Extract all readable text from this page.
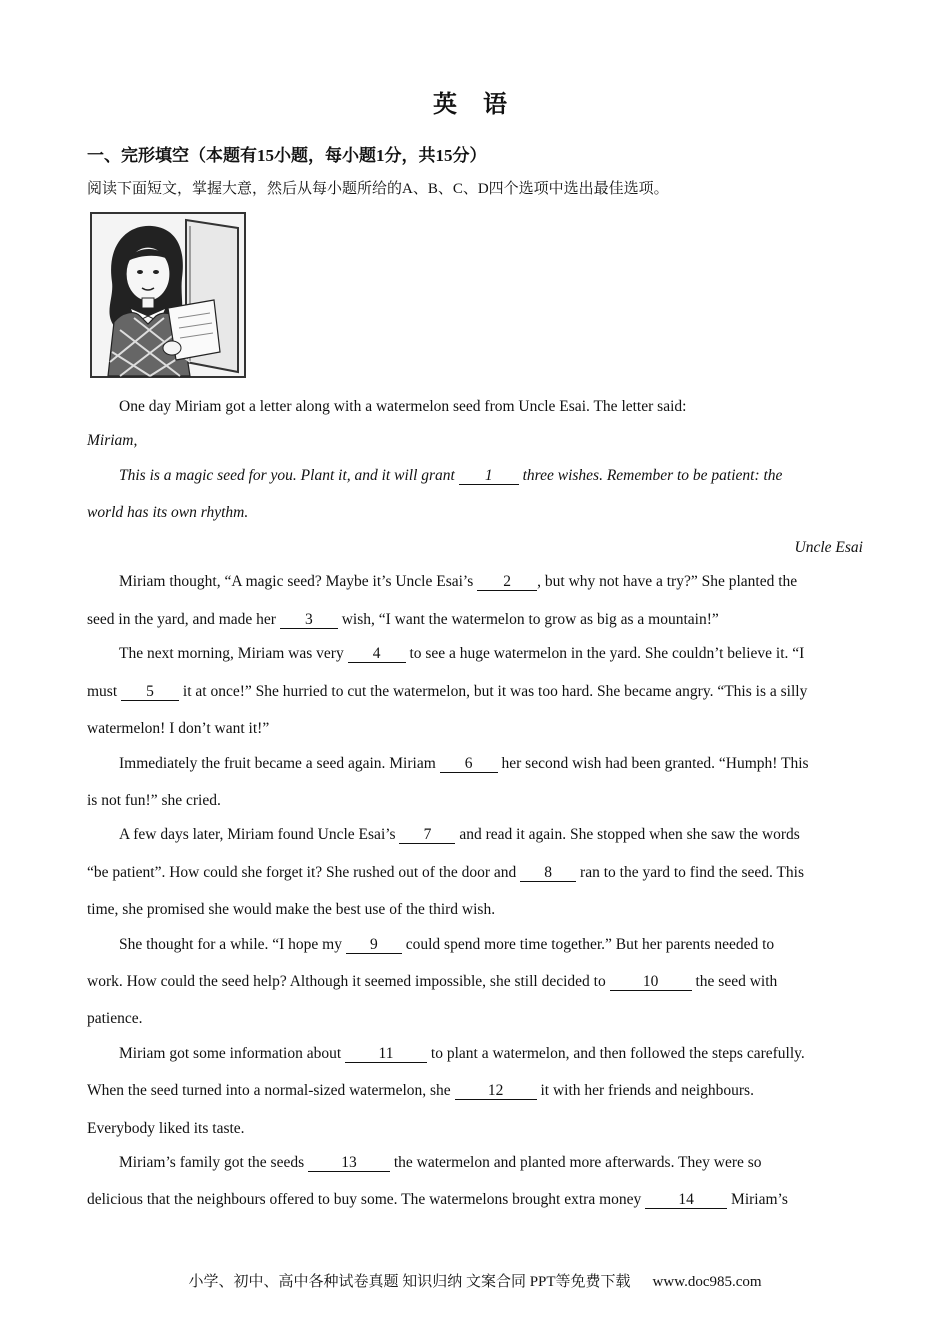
英 语
一、完形填空（本题有15小题，每小题1分，共15分）
阅读下面短文，掌握大意，然后从每小题所给的A、B、C、D四个选项中选出最佳选项。
One day Miriam got a letter along with a watermelon seed from Uncle Esai. The letter said:
Miriam,
This is a magic seed for you. Plant it, and it will grant 1 three wishes. Remember to be patient: the
world has its own rhythm.
Uncle Esai
Miriam thought, “A magic seed? Maybe it’s Uncle Esai’s 2 , but why not have a try?” She planted the
seed in the yard, and made her 3 wish, “I want the watermelon to grow as big as a mountain!”
The next morning, Miriam was very 4 to see a huge watermelon in the yard. She couldn’t believe it. “I
must 5 it at once!” She hurried to cut the watermelon, but it was too hard. She became angry. “This is a silly
watermelon! I don’t want it!”
Immediately the fruit became a seed again. Miriam 6 her second wish had been granted. “Humph! This
is not fun!” she cried.
A few days later, Miriam found Uncle Esai’s 7 and read it again. She stopped when she saw the words
“be patient”. How could she forget it? She rushed out of the door and 8 ran to the yard to find the seed. This
time, she promised she would make the best use of the third wish.
She thought for a while. “I hope my 9 could spend more time together.” But her parents needed to
work. How could the seed help? Although it seemed impossible, she still decided to 10 the seed with
patience.
Miriam got some information about 11 to plant a watermelon, and then followed the steps carefully.
When the seed turned into a normal-sized watermelon, she 12 it with her friends and neighbours.
Everybody liked its taste.
Miriam’s family got the seeds 13 the watermelon and planted more afterwards. They were so
delicious that the neighbours offered to buy some. The watermelons brought extra money 14 Miriam’s
小学、初中、高中各种试卷真题 知识归纳 文案合同 PPT等免费下载 www.doc985.com
